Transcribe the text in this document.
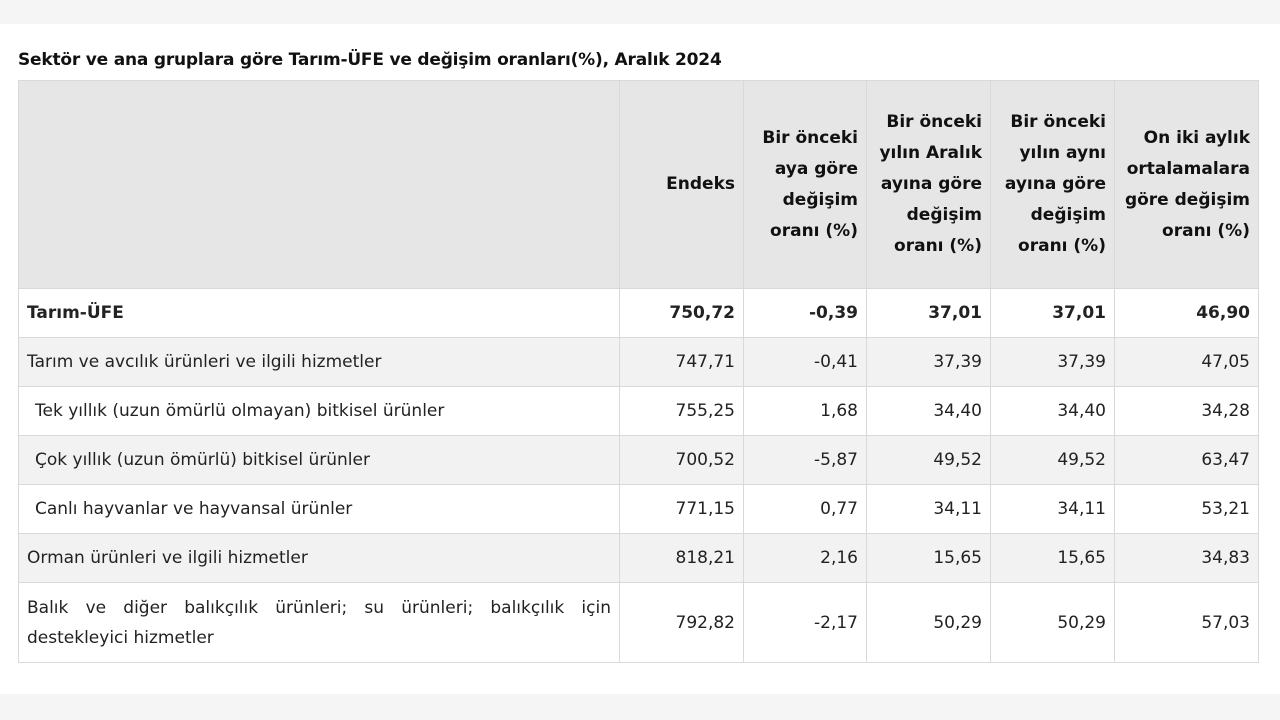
Sektör ve ana gruplara göre Tarım-ÜFE ve değişim oranları(%), Aralık 2024
	Endeks	Bir önceki aya göre değişim oranı (%)	Bir önceki yılın Aralık ayına göre değişim oranı (%)	Bir önceki yılın aynı ayına göre değişim oranı (%)	On iki aylık ortalamalara göre değişim oranı (%)
Tarım-ÜFE	750,72	-0,39	37,01	37,01	46,90
Tarım ve avcılık ürünleri ve ilgili hizmetler	747,71	-0,41	37,39	37,39	47,05
Tek yıllık (uzun ömürlü olmayan) bitkisel ürünler	755,25	1,68	34,40	34,40	34,28
Çok yıllık (uzun ömürlü) bitkisel ürünler	700,52	-5,87	49,52	49,52	63,47
Canlı hayvanlar ve hayvansal ürünler	771,15	0,77	34,11	34,11	53,21
Orman ürünleri ve ilgili hizmetler	818,21	2,16	15,65	15,65	34,83
Balık ve diğer balıkçılık ürünleri; su ürünleri; balıkçılık için destekleyici hizmetler	792,82	-2,17	50,29	50,29	57,03
